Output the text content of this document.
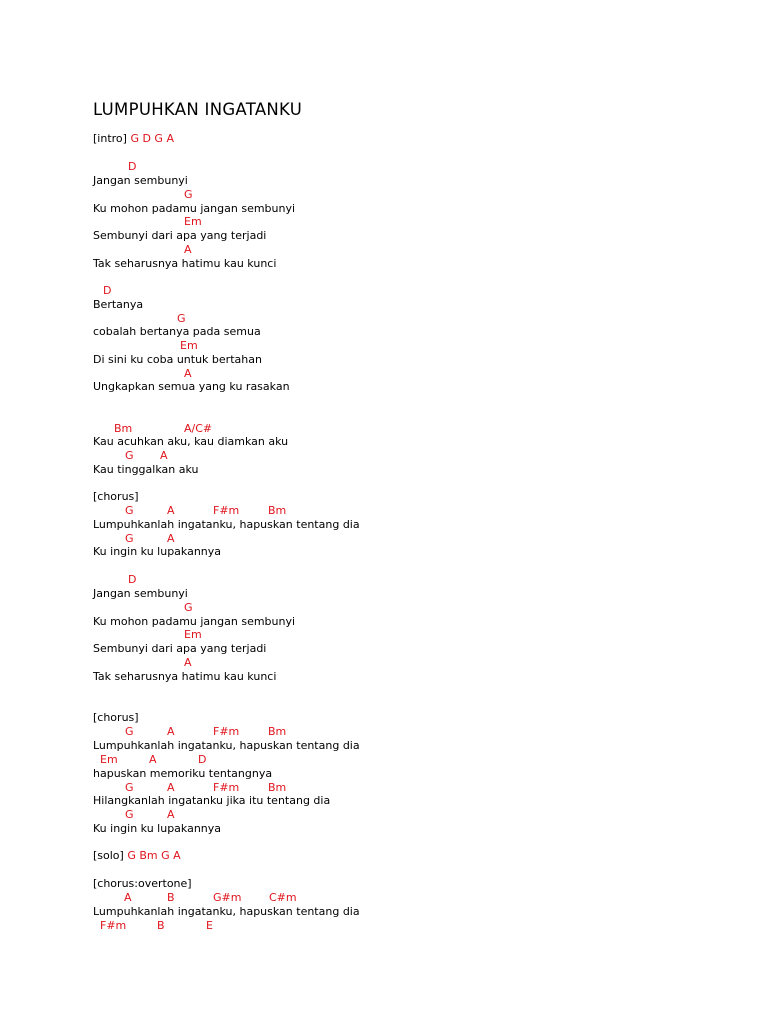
LUMPUHKAN INGATANKU
[intro] G D G A
D
Jangan sembunyi
G
Ku mohon padamu jangan sembunyi
Em
Sembunyi dari apa yang terjadi
A
Tak seharusnya hatimu kau kunci
D
Bertanya
G
cobalah bertanya pada semua
Em
Di sini ku coba untuk bertahan
A
Ungkapkan semua yang ku rasakan
Bm	A/C#
Kau acuhkan aku, kau diamkan aku
G A
Kau tinggalkan aku
[chorus]
G	A	F#m	Bm
Lumpuhkanlah ingatanku, hapuskan tentang dia
G	A
Ku ingin ku lupakannya
D
Jangan sembunyi
G
Ku mohon padamu jangan sembunyi
Em
Sembunyi dari apa yang terjadi
A
Tak seharusnya hatimu kau kunci
[chorus]
G	A	F#m	Bm
Lumpuhkanlah ingatanku, hapuskan tentang dia
Em	A	D
hapuskan memoriku tentangnya
G	A	F#m	Bm
Hilangkanlah ingatanku jika itu tentang dia
G	A
Ku ingin ku lupakannya
[solo] G Bm G A
[chorus:overtone]
A	B	G#m	C#m
Lumpuhkanlah ingatanku, hapuskan tentang dia
F#m	B	E
